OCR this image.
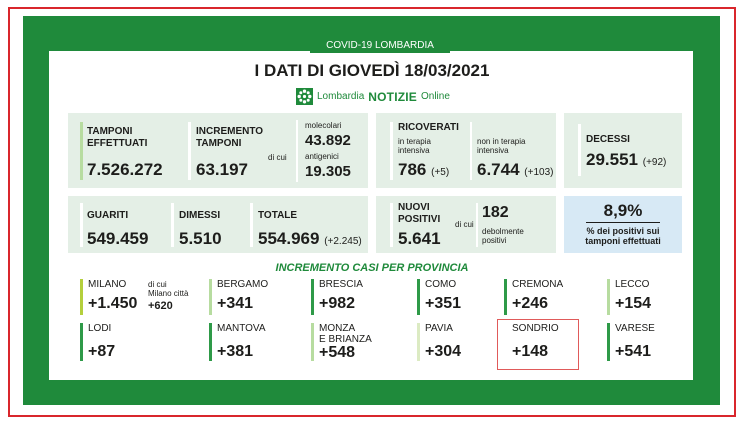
COVID-19 LOMBARDIA
I DATI DI GIOVEDÌ 18/03/2021
Lombardia NOTIZIE Online
TAMPONI
EFFETTUATI
7.526.272
INCREMENTO
TAMPONI
63.197
di cui
molecolari
43.892
antigenici
19.305
RICOVERATI
in terapia
intensiva
786 (+5)
non in terapia
intensiva
6.744 (+103)
DECESSI
29.551 (+92)
GUARITI
549.459
DIMESSI
5.510
TOTALE
554.969 (+2.245)
NUOVI
POSITIVI
5.641
di cui
182
debolmente
positivi
8,9%
% dei positivi sui
tamponi effettuati
INCREMENTO CASI PER PROVINCIA
MILANO
+1.450
di cui
Milano città
+620
BERGAMO
+341
BRESCIA
+982
COMO
+351
CREMONA
+246
LECCO
+154
LODI
+87
MANTOVA
+381
MONZA
E BRIANZA
+548
PAVIA
+304
SONDRIO
+148
VARESE
+541
